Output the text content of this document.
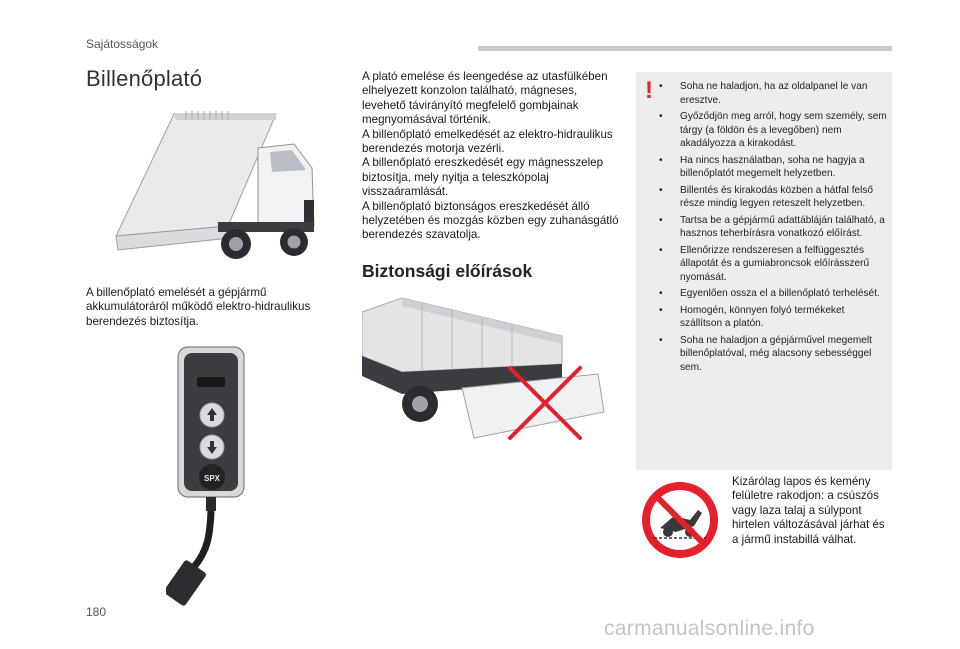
Sajátosságok
Billenőplató
A billenőplató emelését a gépjármű akkumulátoráról működő elektro-hidraulikus berendezés biztosítja.
SPX

A plató emelése és leengedése az utasfülkében elhelyezett konzolon található, mágneses, levehető távirányító megfelelő gombjainak megnyomásával történik.

A billenőplató emelkedését az elektro-hidraulikus berendezés motorja vezérli.

A billenőplató ereszkedését egy mágnesszelep biztosítja, mely nyitja a teleszkópolaj visszaáramlását.

A billenőplató biztonságos ereszkedését álló helyzetében és mozgás közben egy zuhanásgátló berendezés szavatolja.

Biztonsági előírások
!
•	Soha ne haladjon, ha az oldalpanel le van eresztve.
• Győződjön meg arról, hogy sem személy, sem tárgy (a földön és a levegőben) nem akadályozza a kirakodást.
• Ha nincs használatban, soha ne hagyja a billenőplatót megemelt helyzetben.
• Billentés és kirakodás közben a hátfal felső része mindig legyen reteszelt helyzetben.
• Tartsa be a gépjármű adattábláján található, a hasznos teherbírásra vonatkozó előírást.
• Ellenőrizze rendszeresen a felfüggesztés állapotát és a gumiabroncsok előírásszerű nyomását.
• Egyenlően ossza el a billenőplató terhelését.
• Homogén, könnyen folyó termékeket szállítson a platón.
• Soha ne haladjon a gépjárművel megemelt billenőplatóval, még alacsony sebességgel sem.
Kizárólag lapos és kemény felületre rakodjon: a csúszós vagy laza talaj a súlypont hirtelen változásával járhat és a jármű instabillá válhat.
180
carmanualsonline.info
